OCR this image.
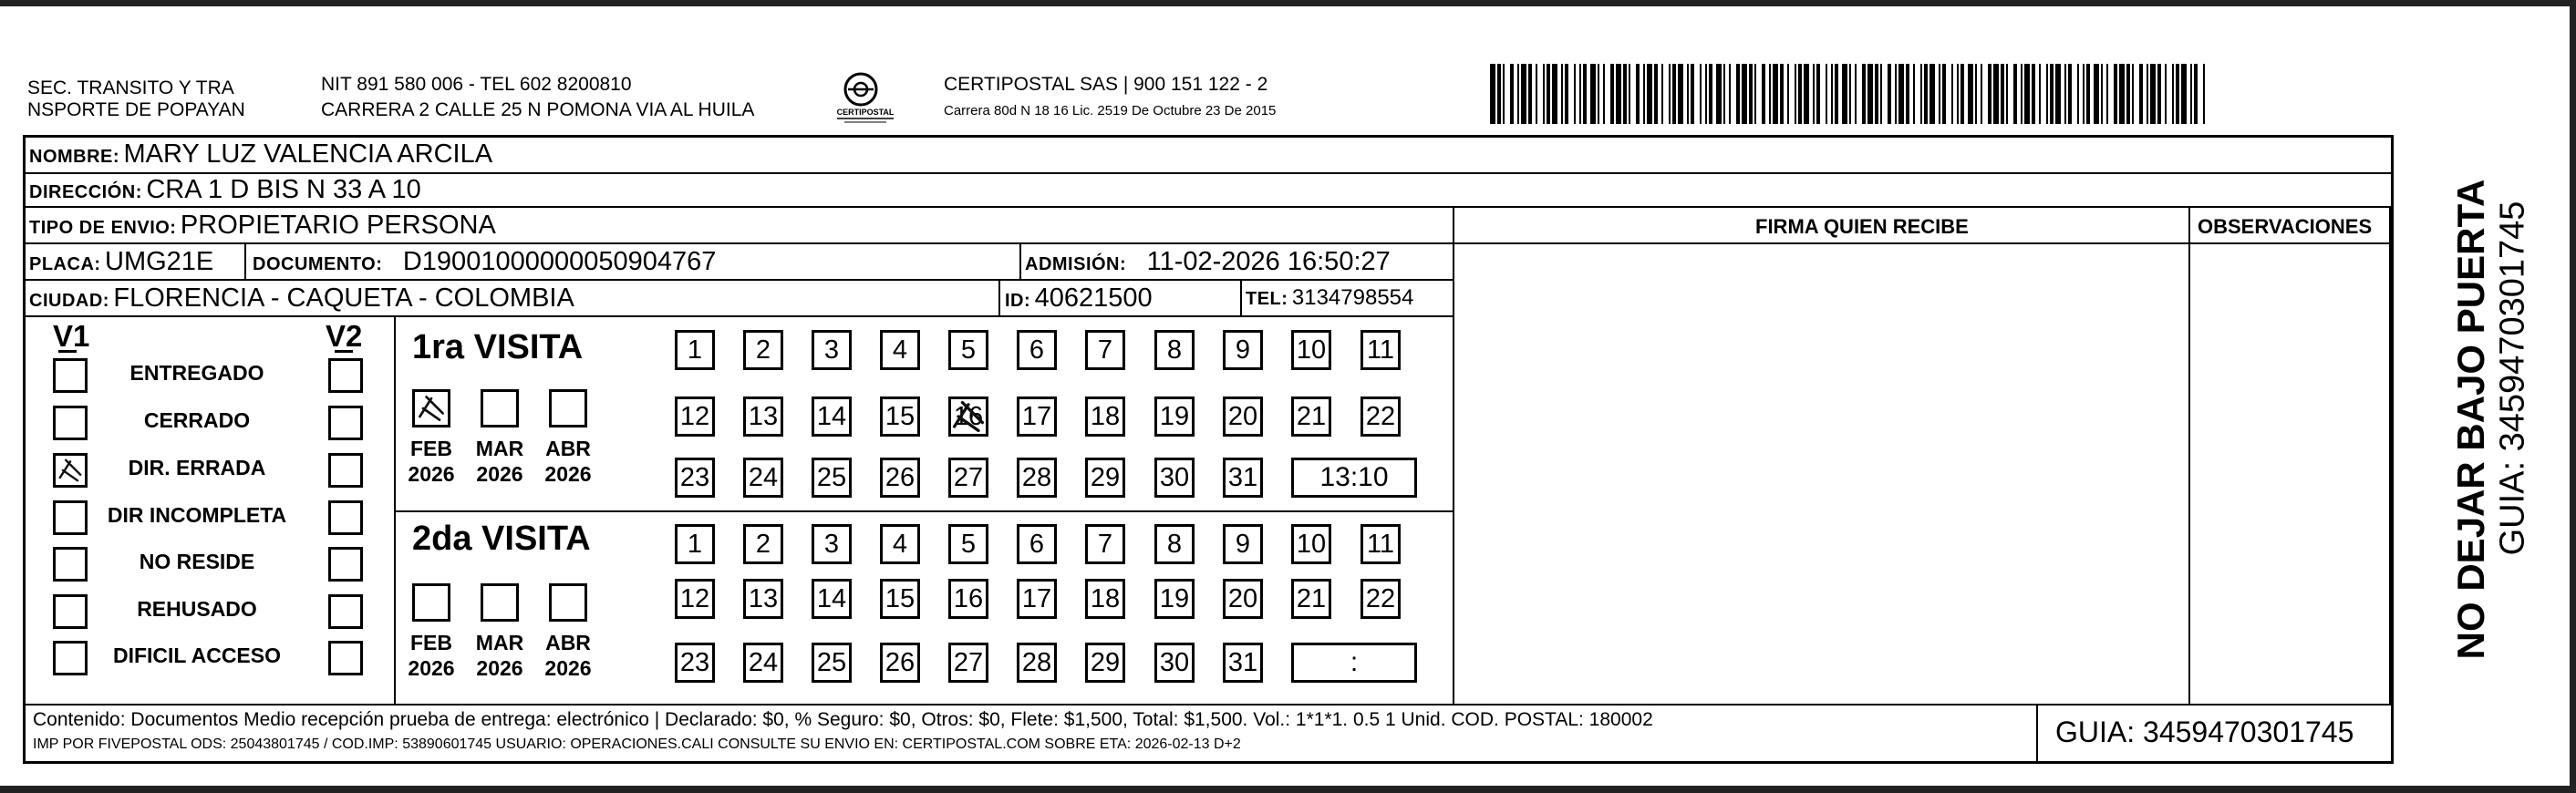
SEC. TRANSITO Y TRA
NSPORTE DE POPAYAN
NIT 891 580 006 - TEL 602 8200810
CARRERA 2 CALLE 25 N POMONA VIA AL HUILA	CERTIPOSTAL
CERTIPOSTAL SAS | 900 151 122 - 2
Carrera 80d N 18 16 Lic. 2519 De Octubre 23 De 2015
NOMBRE: MARY LUZ VALENCIA ARCILA
DIRECCIÓN: CRA 1 D BIS N 33 A 10
TIPO DE ENVIO: PROPIETARIO PERSONA	FIRMA QUIEN RECIBE	OBSERVACIONES
PLACA: UMG21E DOCUMENTO: D19001000000050904767	ADMISIÓN: 11-02-2026 16:50:27
CIUDAD: FLORENCIA - CAQUETA - COLOMBIA	ID: 40621500	TEL: 3134798554
V1	V2
ENTREGADO
CERRADO
DIR. ERRADA
DIR INCOMPLETA
NO RESIDE
REHUSADO
DIFICIL ACCESO
1ra VISITA
FEB
2026
MAR
2026
ABR
2026
1	2	3	4	5	6	7	8	9	10 11
12 13 14 15 16 17 18 19 20 21 22
23 24 25 26 27 28 29 30 31	13:10
2da VISITA
FEB
2026
MAR
2026
ABR
2026
1	2	3	4	5	6	7	8	9	10 11
12 13 14 15 16 17 18 19 20 21 22
23 24 25 26 27 28 29 30 31	:
Contenido: Documentos Medio recepción prueba de entrega: electrónico | Declarado: $0, % Seguro: $0, Otros: $0, Flete: $1,500, Total: $1,500. Vol.: 1*1*1. 0.5 1 Unid. COD. POSTAL: 180002
IMP POR FIVEPOSTAL ODS: 25043801745 / COD.IMP: 53890601745 USUARIO: OPERACIONES.CALI CONSULTE SU ENVIO EN: CERTIPOSTAL.COM SOBRE ETA: 2026-02-13 D+2	GUIA: 3459470301745
NO DEJAR BAJO PUERTA GUIA: 3459470301745
